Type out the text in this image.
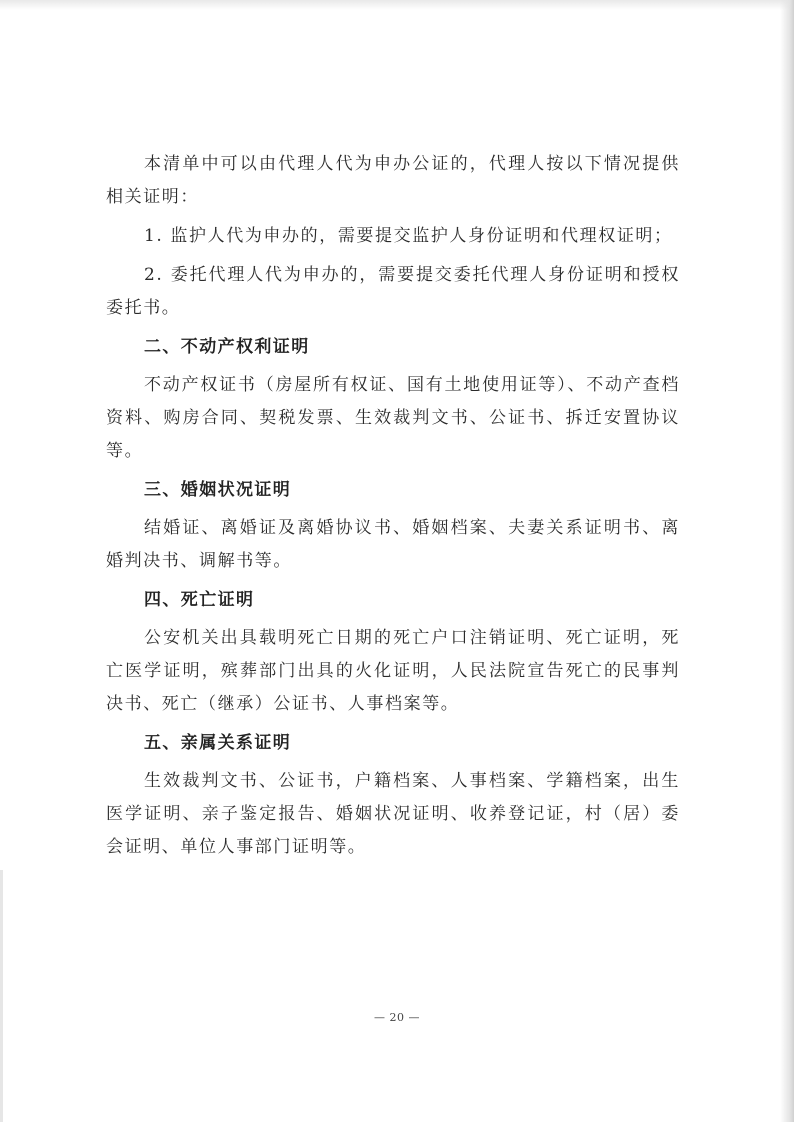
本清单中可以由代理人代为申办公证的，代理人按以下情况提供相关证明：

1. 监护人代为申办的，需要提交监护人身份证明和代理权证明；

2. 委托代理人代为申办的，需要提交委托代理人身份证明和授权委托书。

二、不动产权利证明

不动产权证书（房屋所有权证、国有土地使用证等）、不动产查档资料、购房合同、契税发票、生效裁判文书、公证书、拆迁安置协议等。

三、婚姻状况证明

结婚证、离婚证及离婚协议书、婚姻档案、夫妻关系证明书、离婚判决书、调解书等。

四、死亡证明

公安机关出具载明死亡日期的死亡户口注销证明、死亡证明，死亡医学证明，殡葬部门出具的火化证明，人民法院宣告死亡的民事判决书、死亡（继承）公证书、人事档案等。

五、亲属关系证明

生效裁判文书、公证书，户籍档案、人事档案、学籍档案，出生医学证明、亲子鉴定报告、婚姻状况证明、收养登记证，村（居）委会证明、单位人事部门证明等。

— 20 —
